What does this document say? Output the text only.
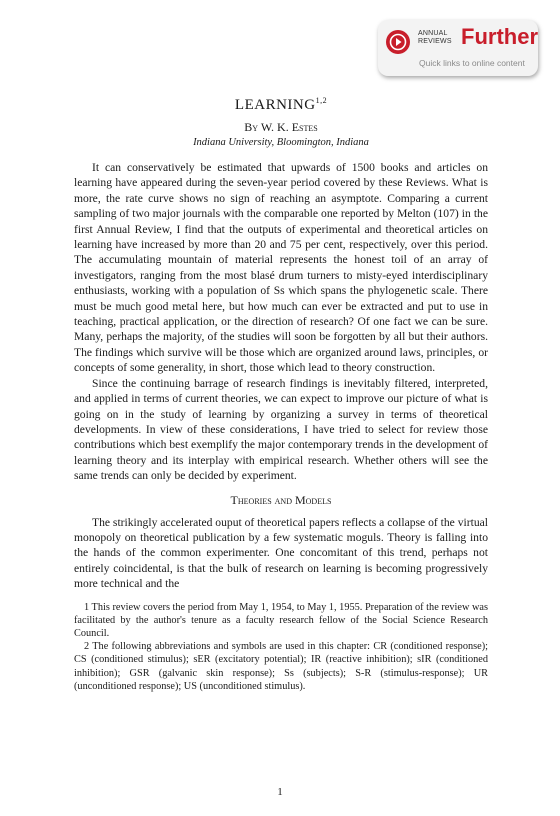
ANNUAL
REVIEWS Further
Quick links to online content
LEARNING$^{1,2}$
By W. K. Estes
Indiana University, Bloomington, Indiana

It can conservatively be estimated that upwards of 1500 books and articles on learning have appeared during the seven-year period covered by these Reviews. What is more, the rate curve shows no sign of reaching an asymptote. Comparing a current sampling of two major journals with the comparable one reported by Melton (107) in the first Annual Review, I find that the outputs of experimental and theoretical articles on learning have increased by more than 20 and 75 per cent, respectively, over this period. The accumulating mountain of material represents the honest toil of an array of investigators, ranging from the most blasé drum turners to misty-eyed interdisciplinary enthusiasts, working with a population of Ss which spans the phylogenetic scale. There must be much good metal here, but how much can ever be extracted and put to use in teaching, practical application, or the direction of research? Of one fact we can be sure. Many, perhaps the majority, of the studies will soon be forgotten by all but their authors. The findings which survive will be those which are organized around laws, principles, or concepts of some generality, in short, those which lead to theory construction.

Since the continuing barrage of research findings is inevitably filtered, interpreted, and applied in terms of current theories, we can expect to improve our picture of what is going on in the study of learning by organizing a survey in terms of theoretical developments. In view of these considerations, I have tried to select for review those contributions which best exemplify the major contemporary trends in the development of learning theory and its interplay with empirical research. Whether others will see the same trends can only be decided by experiment.

Theories and Models

The strikingly accelerated ouput of theoretical papers reflects a collapse of the virtual monopoly on theoretical publication by a few systematic moguls. Theory is falling into the hands of the common experimenter. One concomitant of this trend, perhaps not entirely coincidental, is that the bulk of research on learning is becoming progressively more technical and the

1 This review covers the period from May 1, 1954, to May 1, 1955. Preparation of the review was facilitated by the author's tenure as a faculty research fellow of the Social Science Research Council.

2 The following abbreviations and symbols are used in this chapter: CR (conditioned response); CS (conditioned stimulus); sER (excitatory potential); IR (reactive inhibition); sIR (conditioned inhibition); GSR (galvanic skin response); Ss (subjects); S-R (stimulus-response); UR (unconditioned response); US (unconditioned stimulus).

1
